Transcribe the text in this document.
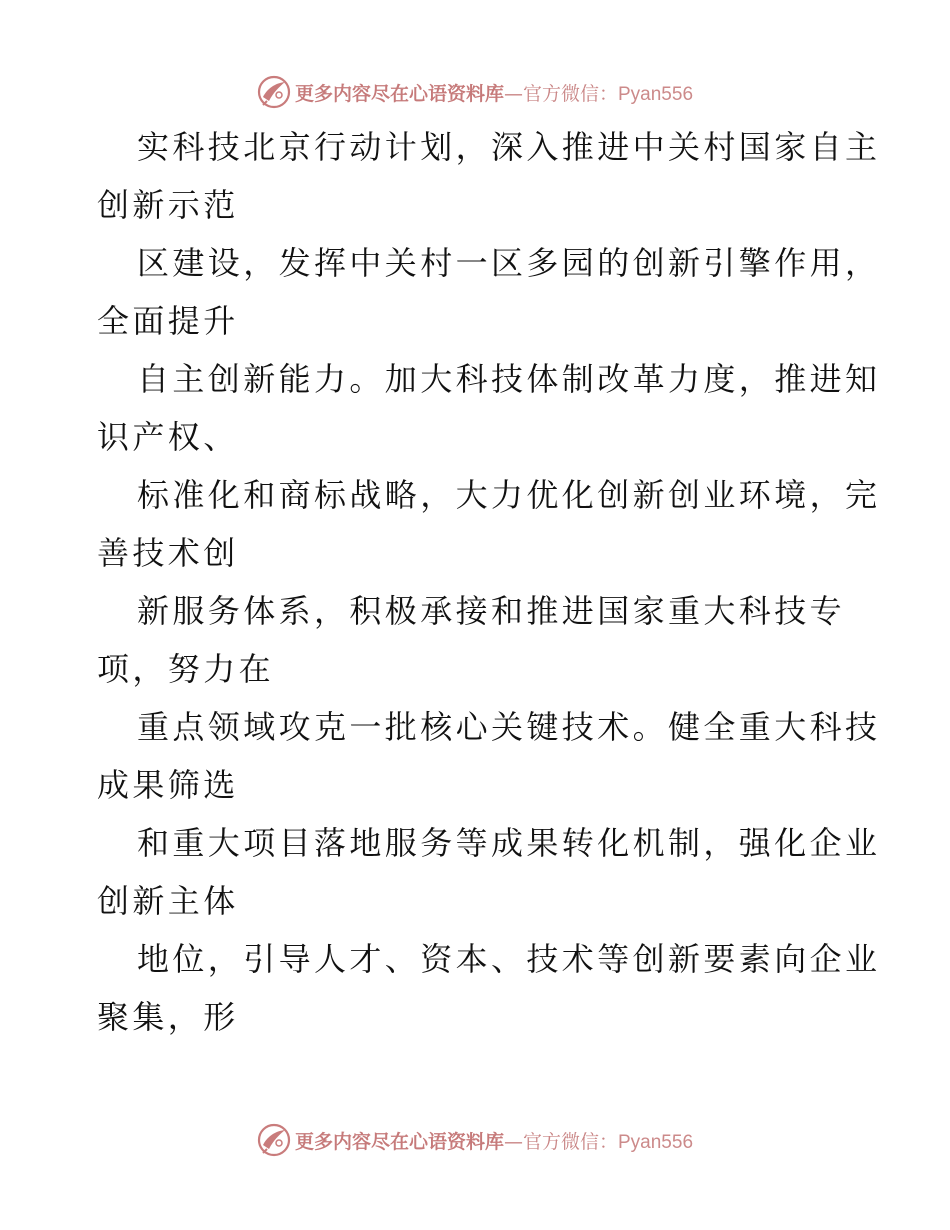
更多内容尽在心语资料库—官方微信：Pyan556

实科技北京行动计划，深入推进中关村国家自主
创新示范

区建设，发挥中关村一区多园的创新引擎作用，
全面提升

自主创新能力。加大科技体制改革力度，推进知
识产权、

标准化和商标战略，大力优化创新创业环境，完
善技术创

新服务体系，积极承接和推进国家重大科技专
项，努力在

重点领域攻克一批核心关键技术。健全重大科技
成果筛选

和重大项目落地服务等成果转化机制，强化企业
创新主体

地位，引导人才、资本、技术等创新要素向企业
聚集，形

更多内容尽在心语资料库—官方微信：Pyan556
